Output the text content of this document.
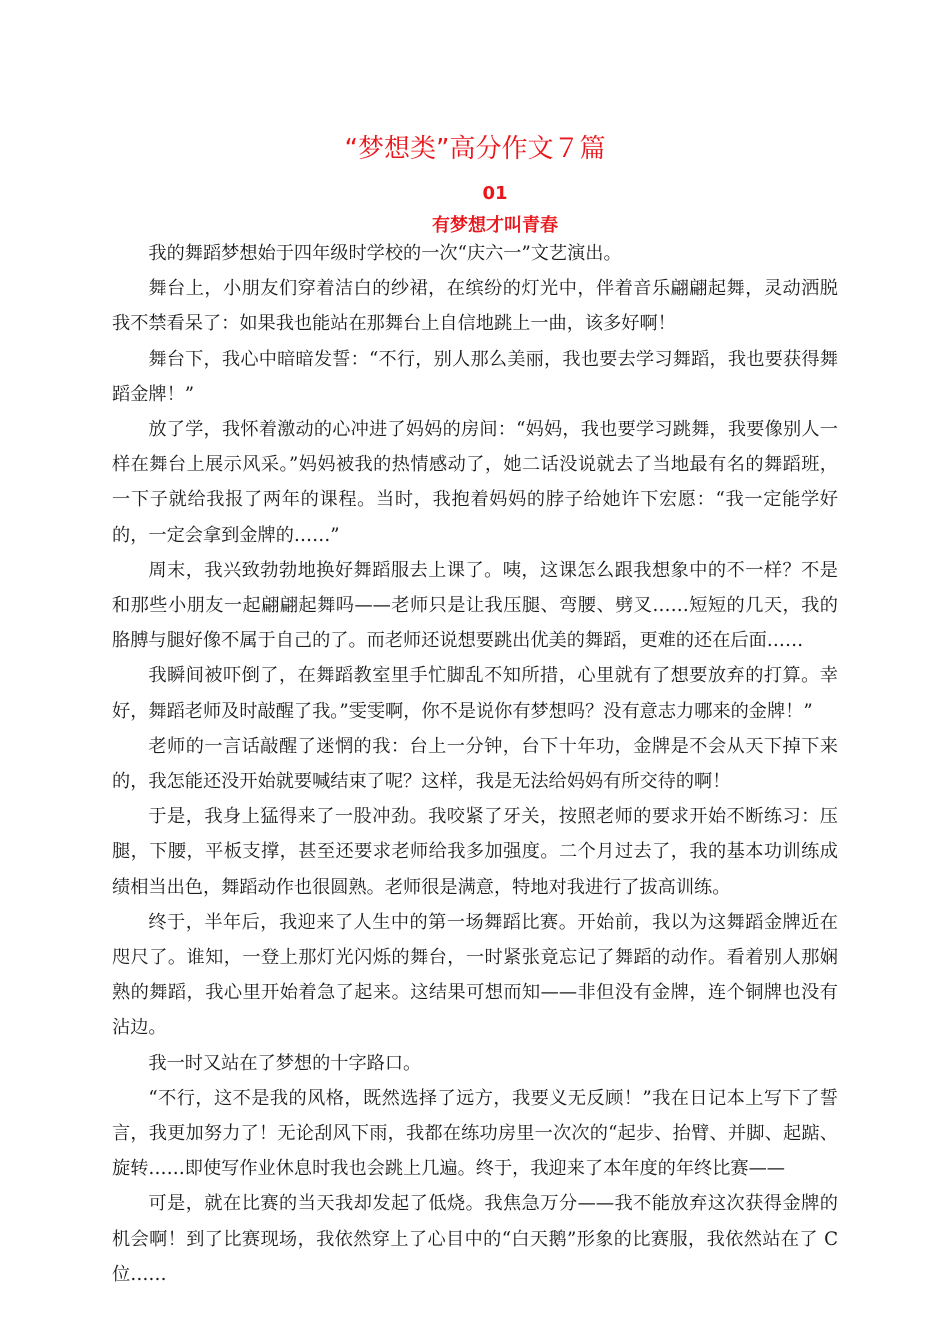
“梦想类”高分作文７篇
01
有梦想才叫青春

我的舞蹈梦想始于四年级时学校的一次“庆六一”文艺演出。

舞台上，小朋友们穿着洁白的纱裙，在缤纷的灯光中，伴着音乐翩翩起舞，灵动洒脱我不禁看呆了：如果我也能站在那舞台上自信地跳上一曲，该多好啊！

舞台下，我心中暗暗发誓：“不行，别人那么美丽，我也要去学习舞蹈，我也要获得舞蹈金牌！”

放了学，我怀着激动的心冲进了妈妈的房间：“妈妈，我也要学习跳舞，我要像别人一样在舞台上展示风采。”妈妈被我的热情感动了，她二话没说就去了当地最有名的舞蹈班，一下子就给我报了两年的课程。当时，我抱着妈妈的脖子给她许下宏愿：“我一定能学好的，一定会拿到金牌的……”

周末，我兴致勃勃地换好舞蹈服去上课了。咦，这课怎么跟我想象中的不一样？不是和那些小朋友一起翩翩起舞吗——老师只是让我压腿、弯腰、劈叉……短短的几天，我的胳膊与腿好像不属于自己的了。而老师还说想要跳出优美的舞蹈，更难的还在后面……

我瞬间被吓倒了，在舞蹈教室里手忙脚乱不知所措，心里就有了想要放弃的打算。幸好，舞蹈老师及时敲醒了我。”雯雯啊，你不是说你有梦想吗？没有意志力哪来的金牌！”

老师的一言话敲醒了迷惘的我：台上一分钟，台下十年功，金牌是不会从天下掉下来的，我怎能还没开始就要喊结束了呢？这样，我是无法给妈妈有所交待的啊！

于是，我身上猛得来了一股冲劲。我咬紧了牙关，按照老师的要求开始不断练习：压腿，下腰，平板支撑，甚至还要求老师给我多加强度。二个月过去了，我的基本功训练成绩相当出色，舞蹈动作也很圆熟。老师很是满意，特地对我进行了拔高训练。

终于，半年后，我迎来了人生中的第一场舞蹈比赛。开始前，我以为这舞蹈金牌近在咫尺了。谁知，一登上那灯光闪烁的舞台，一时紧张竟忘记了舞蹈的动作。看着别人那娴熟的舞蹈，我心里开始着急了起来。这结果可想而知——非但没有金牌，连个铜牌也没有沾边。

我一时又站在了梦想的十字路口。

“不行，这不是我的风格，既然选择了远方，我要义无反顾！”我在日记本上写下了誓言，我更加努力了！无论刮风下雨，我都在练功房里一次次的“起步、抬臂、并脚、起踮、旋转……即使写作业休息时我也会跳上几遍。终于，我迎来了本年度的年终比赛——

可是，就在比赛的当天我却发起了低烧。我焦急万分——我不能放弃这次获得金牌的机会啊！到了比赛现场，我依然穿上了心目中的“白天鹅”形象的比赛服，我依然站在了 C 位……
